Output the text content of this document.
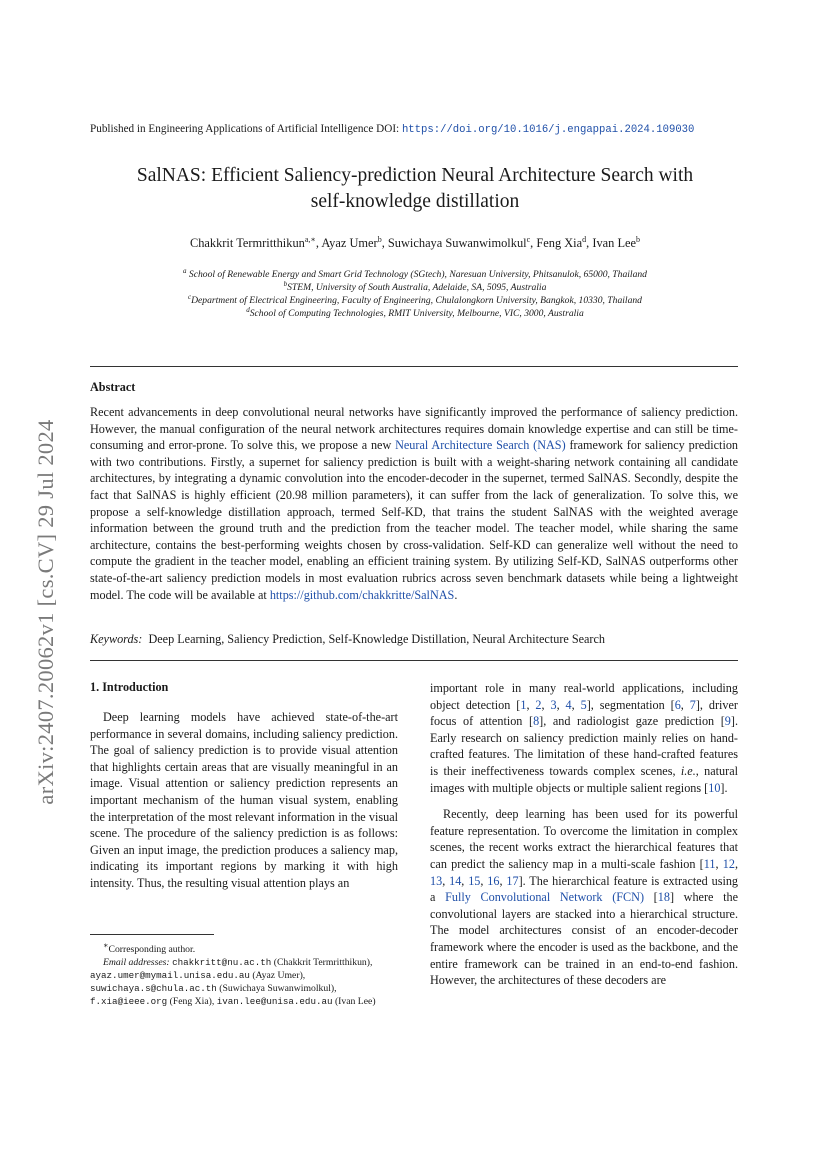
Published in Engineering Applications of Artificial Intelligence DOI: https://doi.org/10.1016/j.engappai.2024.109030
SalNAS: Efficient Saliency-prediction Neural Architecture Search with
self-knowledge distillation
Chakkrit Termritthikun$^{a,∗}$, Ayaz Umer$^b$, Suwichaya Suwanwimolkul$^c$, Feng Xia$^d$, Ivan Lee$^b$
$^a$ School of Renewable Energy and Smart Grid Technology (SGtech), Naresuan University, Phitsanulok, 65000, Thailand
$^b$STEM, University of South Australia, Adelaide, SA, 5095, Australia
$^c$Department of Electrical Engineering, Faculty of Engineering, Chulalongkorn University, Bangkok, 10330, Thailand
$^d$School of Computing Technologies, RMIT University, Melbourne, VIC, 3000, Australia
Abstract
Recent advancements in deep convolutional neural networks have significantly improved the performance of saliency prediction. However, the manual configuration of the neural network architectures requires domain knowledge expertise and can still be time-consuming and error-prone. To solve this, we propose a new Neural Architecture Search (NAS) framework for saliency prediction with two contributions. Firstly, a supernet for saliency prediction is built with a weight-sharing network containing all candidate architectures, by integrating a dynamic convolution into the encoder-decoder in the supernet, termed SalNAS. Secondly, despite the fact that SalNAS is highly efficient (20.98 million parameters), it can suffer from the lack of generalization. To solve this, we propose a self-knowledge distillation approach, termed Self-KD, that trains the student SalNAS with the weighted average information between the ground truth and the prediction from the teacher model. The teacher model, while sharing the same architecture, contains the best-performing weights chosen by cross-validation. Self-KD can generalize well without the need to compute the gradient in the teacher model, enabling an efficient training system. By utilizing Self-KD, SalNAS outperforms other state-of-the-art saliency prediction models in most evaluation rubrics across seven benchmark datasets while being a lightweight model. The code will be available at https://github.com/chakkritte/SalNAS.
Keywords: Deep Learning, Saliency Prediction, Self-Knowledge Distillation, Neural Architecture Search
1. Introduction

Deep learning models have achieved state-of-the-art performance in several domains, including saliency prediction. The goal of saliency prediction is to provide visual attention that highlights certain areas that are visually meaningful in an image. Visual attention or saliency prediction represents an important mechanism of the human visual system, enabling the interpretation of the most relevant information in the visual scene. The procedure of the saliency prediction is as follows: Given an input image, the prediction produces a saliency map, indicating its important regions by marking it with high intensity. Thus, the resulting visual attention plays an

important role in many real-world applications, including object detection [1, 2, 3, 4, 5], segmentation [6, 7], driver focus of attention [8], and radiologist gaze prediction [9]. Early research on saliency prediction mainly relies on hand-crafted features. The limitation of these hand-crafted features is their ineffectiveness towards complex scenes, i.e., natural images with multiple objects or multiple salient regions [10].

Recently, deep learning has been used for its powerful feature representation. To overcome the limitation in complex scenes, the recent works extract the hierarchical features that can predict the saliency map in a multi-scale fashion [11, 12, 13, 14, 15, 16, 17]. The hierarchical feature is extracted using a Fully Convolutional Network (FCN) [18] where the convolutional layers are stacked into a hierarchical structure. The model architectures consist of an encoder-decoder framework where the encoder is used as the backbone, and the entire framework can be trained in an end-to-end fashion. However, the architectures of these decoders are

∗Corresponding author.

Email addresses: chakkritt@nu.ac.th (Chakkrit Termritthikun), ayaz.umer@mymail.unisa.edu.au (Ayaz Umer), suwichaya.s@chula.ac.th (Suwichaya Suwanwimolkul), f.xia@ieee.org (Feng Xia), ivan.lee@unisa.edu.au (Ivan Lee)

arXiv:2407.20062v1 [cs.CV] 29 Jul 2024
